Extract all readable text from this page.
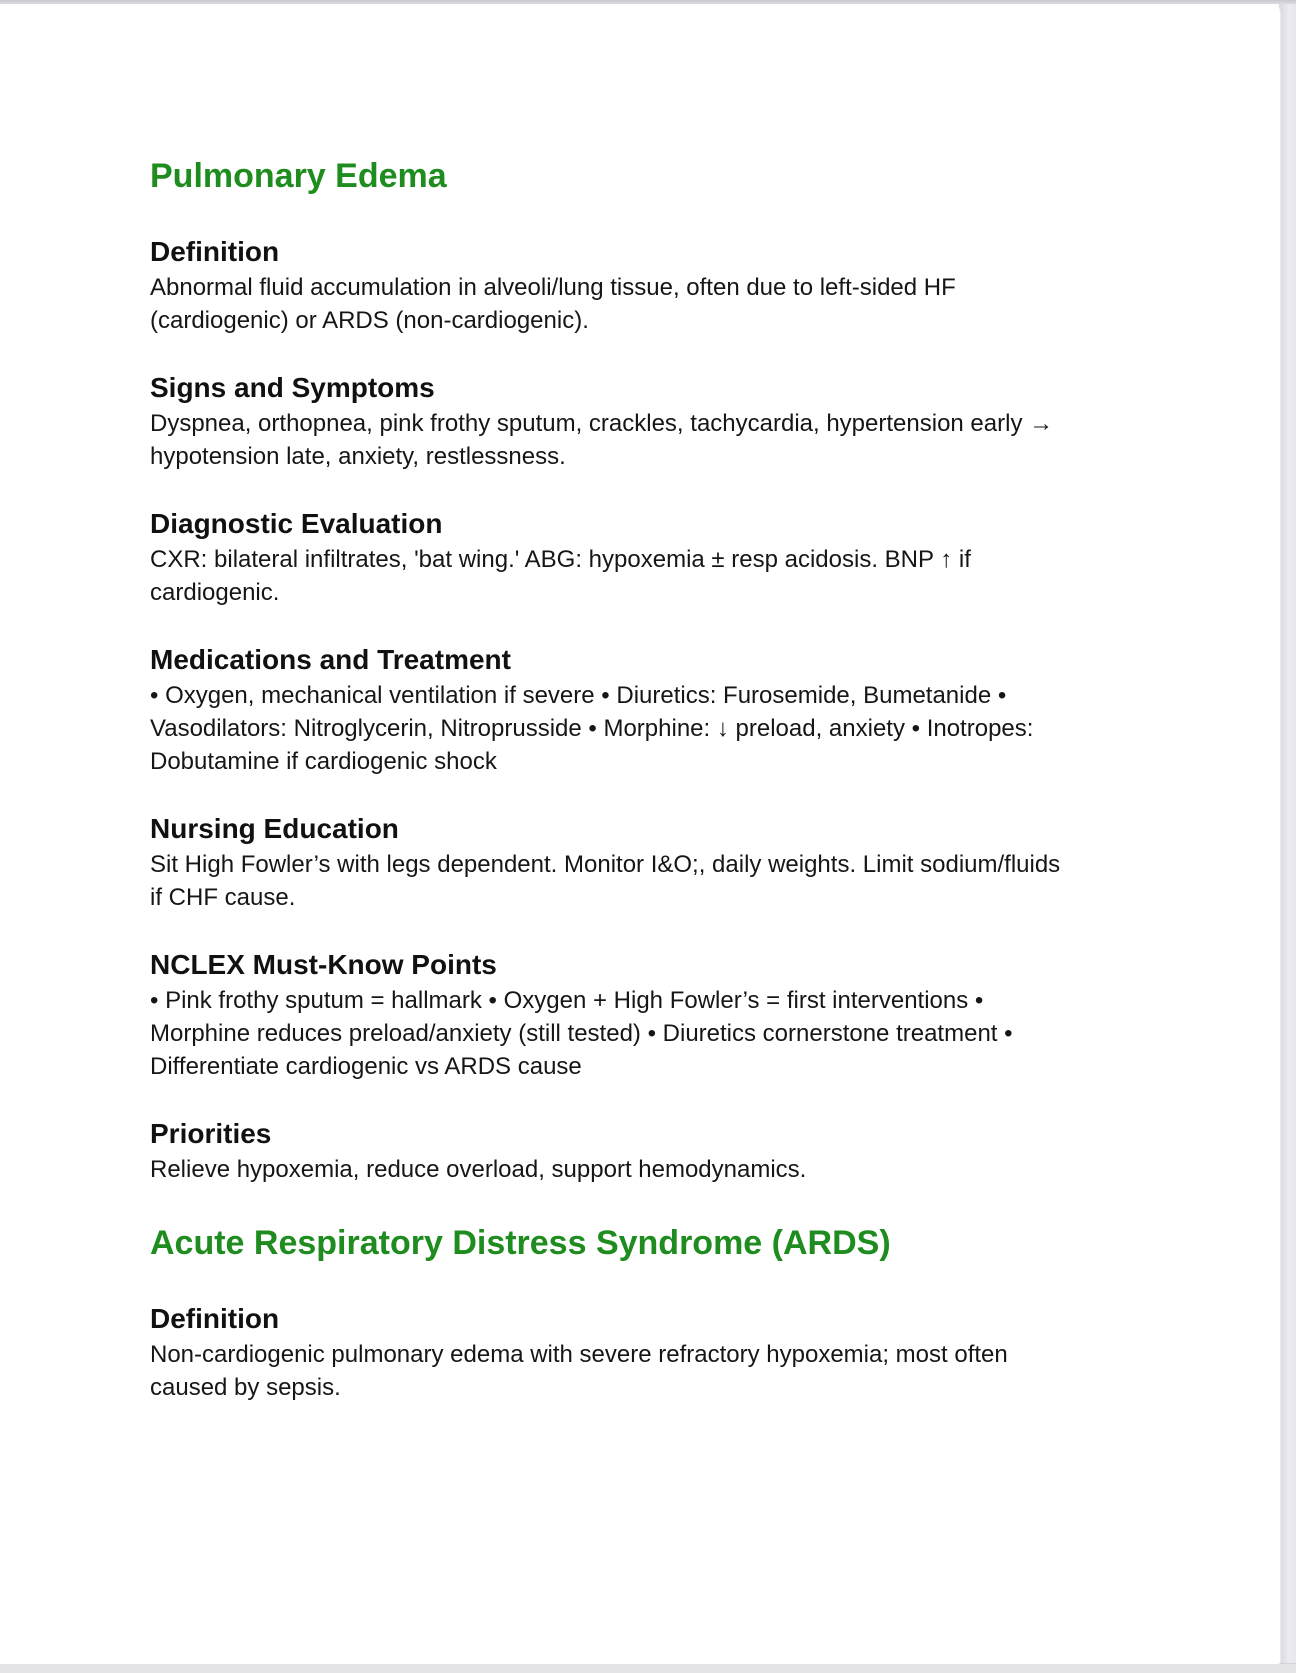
Pulmonary Edema
Definition

Abnormal fluid accumulation in alveoli/lung tissue, often due to left-sided HF (cardiogenic) or ARDS (non-cardiogenic).

Signs and Symptoms

Dyspnea, orthopnea, pink frothy sputum, crackles, tachycardia, hypertension early → hypotension late, anxiety, restlessness.

Diagnostic Evaluation

CXR: bilateral infiltrates, 'bat wing.' ABG: hypoxemia ± resp acidosis. BNP ↑ if cardiogenic.

Medications and Treatment

• Oxygen, mechanical ventilation if severe • Diuretics: Furosemide, Bumetanide • Vasodilators: Nitroglycerin, Nitroprusside • Morphine: ↓ preload, anxiety • Inotropes: Dobutamine if cardiogenic shock

Nursing Education

Sit High Fowler’s with legs dependent. Monitor I&O;, daily weights. Limit sodium/fluids if CHF cause.

NCLEX Must-Know Points

• Pink frothy sputum = hallmark • Oxygen + High Fowler’s = first interventions • Morphine reduces preload/anxiety (still tested) • Diuretics cornerstone treatment • Differentiate cardiogenic vs ARDS cause

Priorities

Relieve hypoxemia, reduce overload, support hemodynamics.

Acute Respiratory Distress Syndrome (ARDS)
Definition

Non-cardiogenic pulmonary edema with severe refractory hypoxemia; most often caused by sepsis.
